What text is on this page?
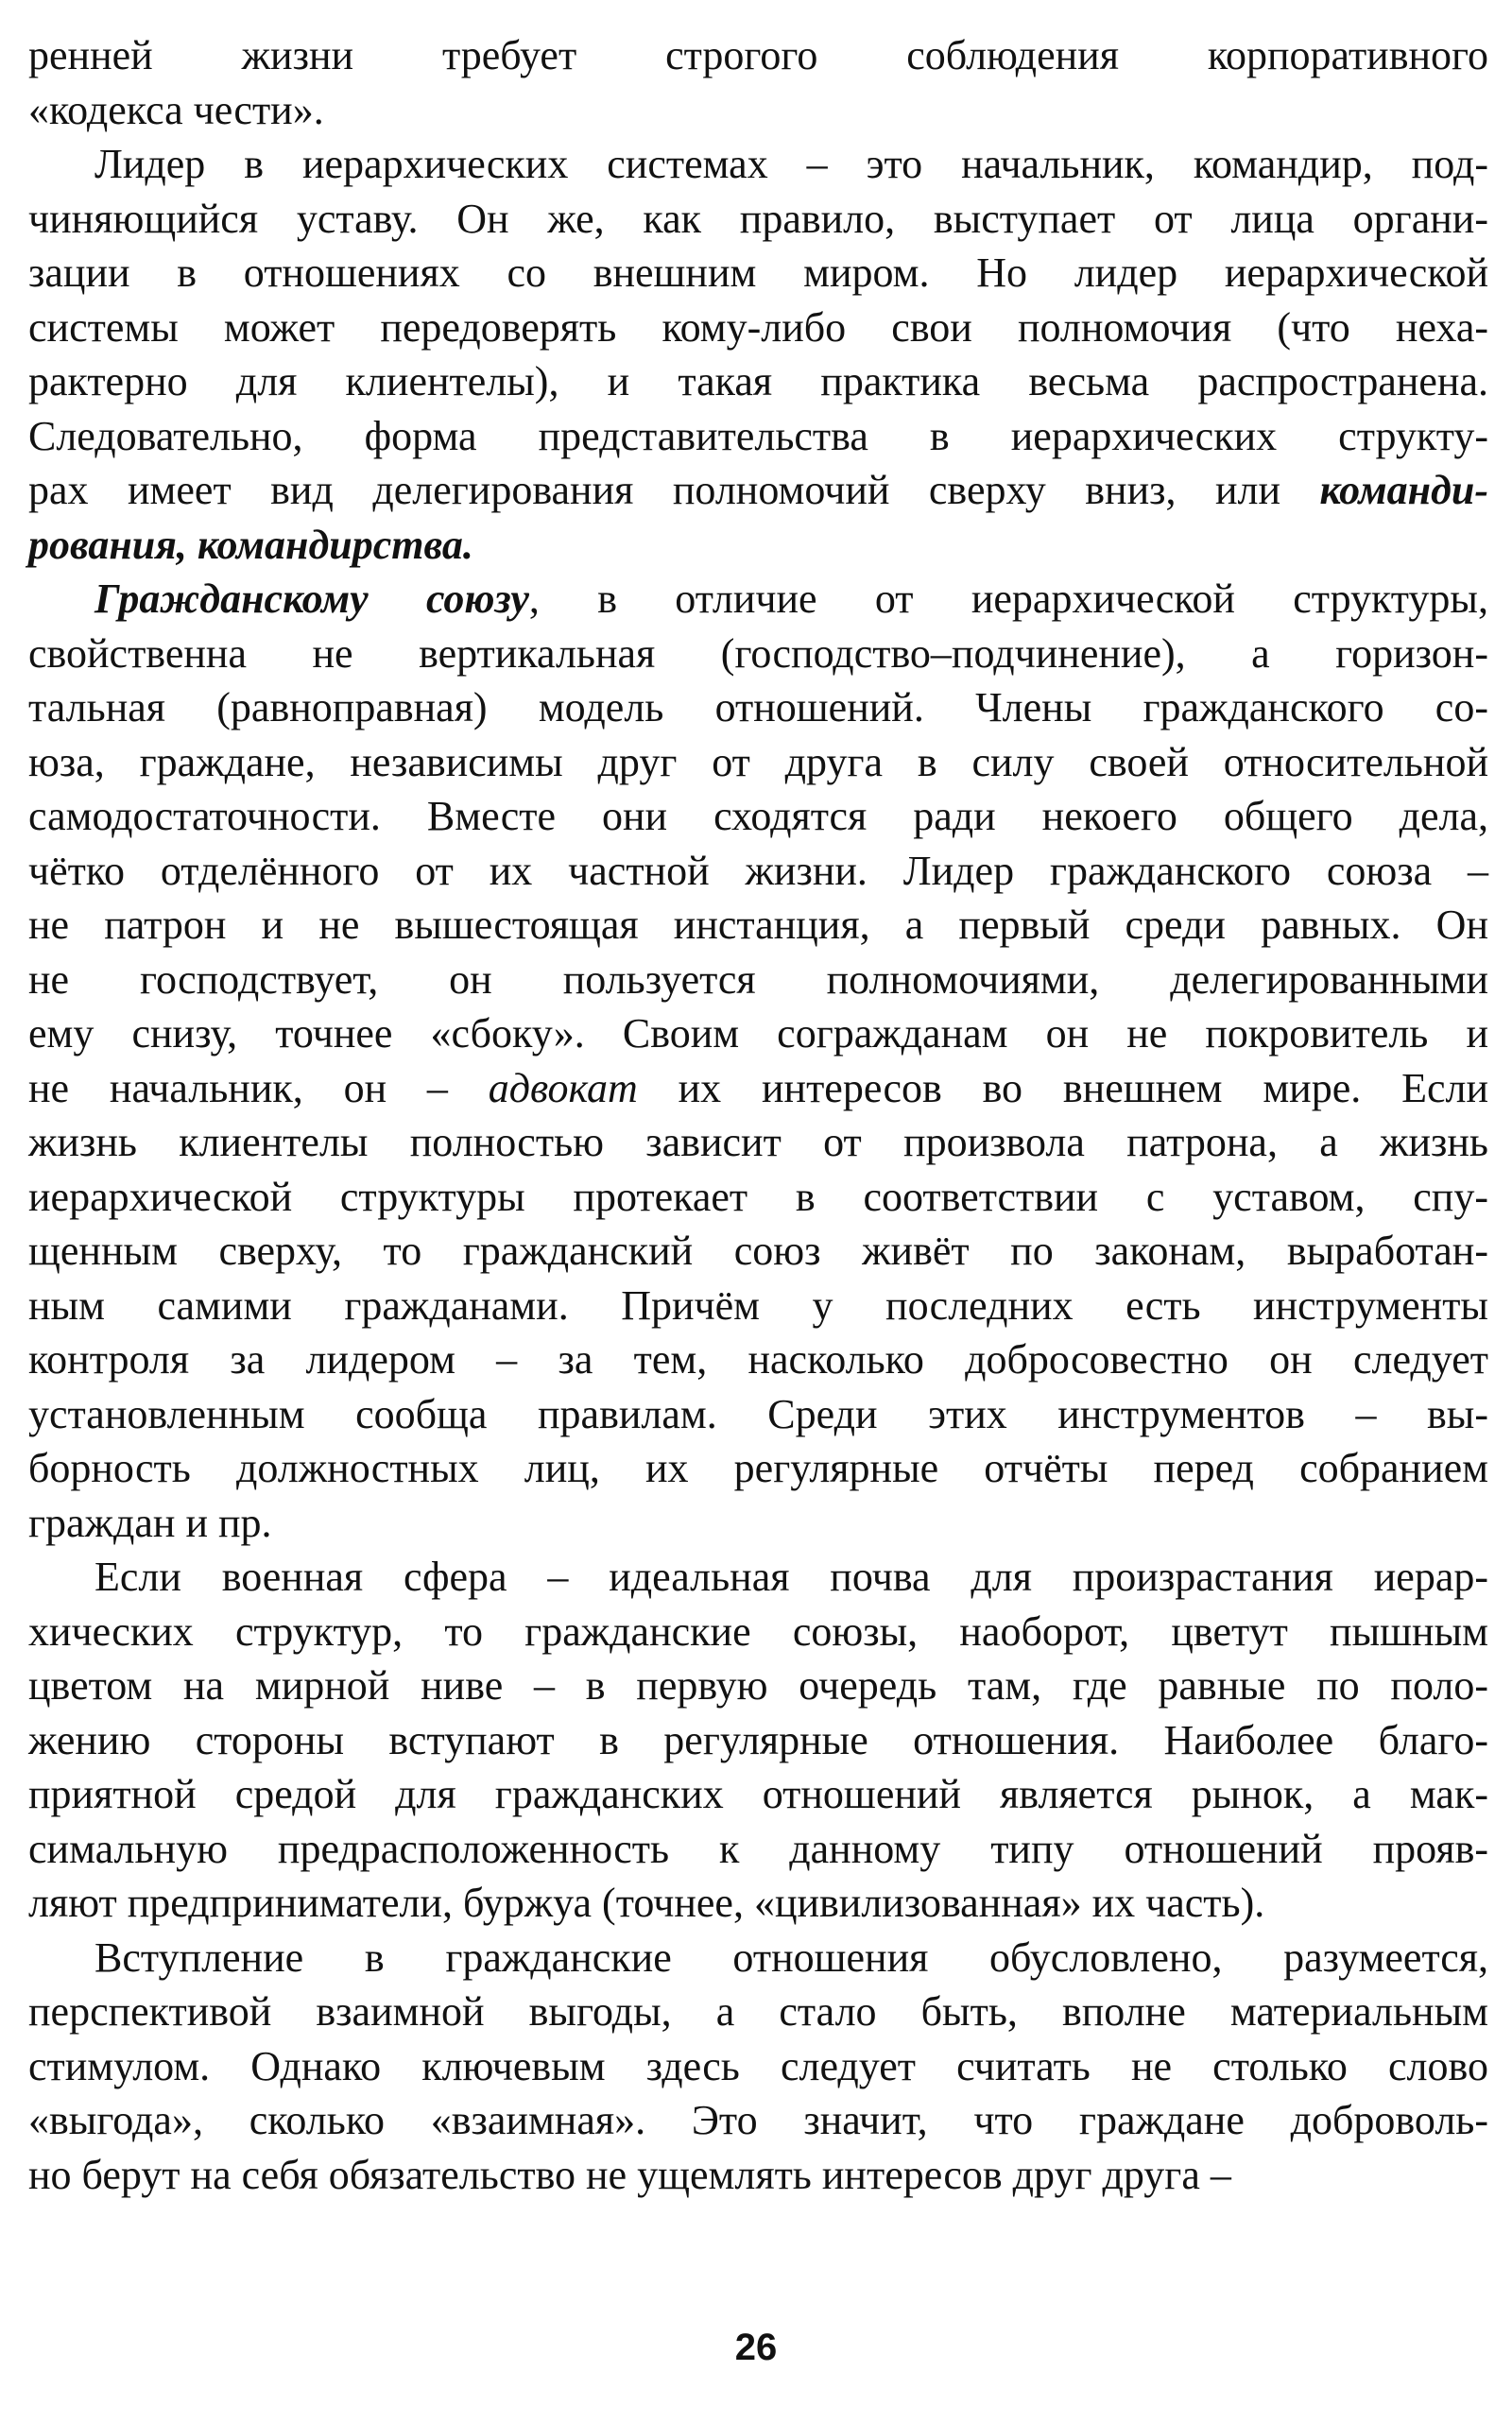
ренней жизни требует строгого соблюдения корпоративного
«кодекса чести».
Лидер в иерархических системах – это начальник, командир, под-
чиняющийся уставу. Он же, как правило, выступает от лица органи-
зации в отношениях со внешним миром. Но лидер иерархической
системы может передоверять кому-либо свои полномочия (что неха-
рактерно для клиентелы), и такая практика весьма распространена.
Следовательно, форма представительства в иерархических структу-
рах имеет вид делегирования полномочий сверху вниз, или команди-
рования, командирства.
Гражданскому союзу, в отличие от иерархической структуры,
свойственна не вертикальная (господство–подчинение), а горизон-
тальная (равноправная) модель отношений. Члены гражданского со-
юза, граждане, независимы друг от друга в силу своей относительной
самодостаточности. Вместе они сходятся ради некоего общего дела,
чётко отделённого от их частной жизни. Лидер гражданского союза –
не патрон и не вышестоящая инстанция, а первый среди равных. Он
не господствует, он пользуется полномочиями, делегированными
ему снизу, точнее «сбоку». Своим согражданам он не покровитель и
не начальник, он – адвокат их интересов во внешнем мире. Если
жизнь клиентелы полностью зависит от произвола патрона, а жизнь
иерархической структуры протекает в соответствии с уставом, спу-
щенным сверху, то гражданский союз живёт по законам, выработан-
ным самими гражданами. Причём у последних есть инструменты
контроля за лидером – за тем, насколько добросовестно он следует
установленным сообща правилам. Среди этих инструментов – вы-
борность должностных лиц, их регулярные отчёты перед собранием
граждан и пр.
Если военная сфера – идеальная почва для произрастания иерар-
хических структур, то гражданские союзы, наоборот, цветут пышным
цветом на мирной ниве – в первую очередь там, где равные по поло-
жению стороны вступают в регулярные отношения. Наиболее благо-
приятной средой для гражданских отношений является рынок, а мак-
симальную предрасположенность к данному типу отношений прояв-
ляют предприниматели, буржуа (точнее, «цивилизованная» их часть).
Вступление в гражданские отношения обусловлено, разумеется,
перспективой взаимной выгоды, а стало быть, вполне материальным
стимулом. Однако ключевым здесь следует считать не столько слово
«выгода», сколько «взаимная». Это значит, что граждане доброволь-
но берут на себя обязательство не ущемлять интересов друг друга –
26
